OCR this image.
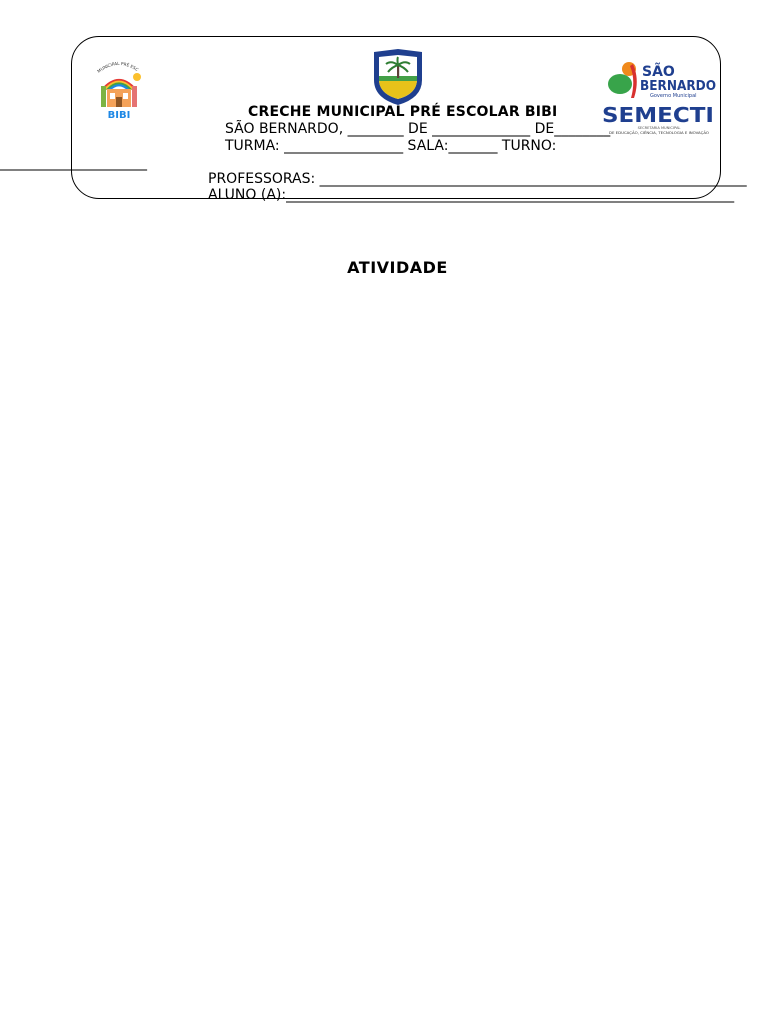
MUNICIPAL PRÉ ESC
BIBI
SÃO
BERNARDO
Governo Municipal
SEMECTI
SECRETARIA MUNICIPAL
DE EDUCAÇÃO, CIÊNCIA, TECNOLOGIA E INOVAÇÃO
CRECHE MUNICIPAL PRÉ ESCOLAR BIBI
SÃO BERNARDO, ________ DE ______________ DE________
TURMA: _________________ SALA:_______ TURNO:
_____________________
PROFESSORAS: _____________________________________________________________
ALUNO (A):________________________________________________________________
ATIVIDADE
